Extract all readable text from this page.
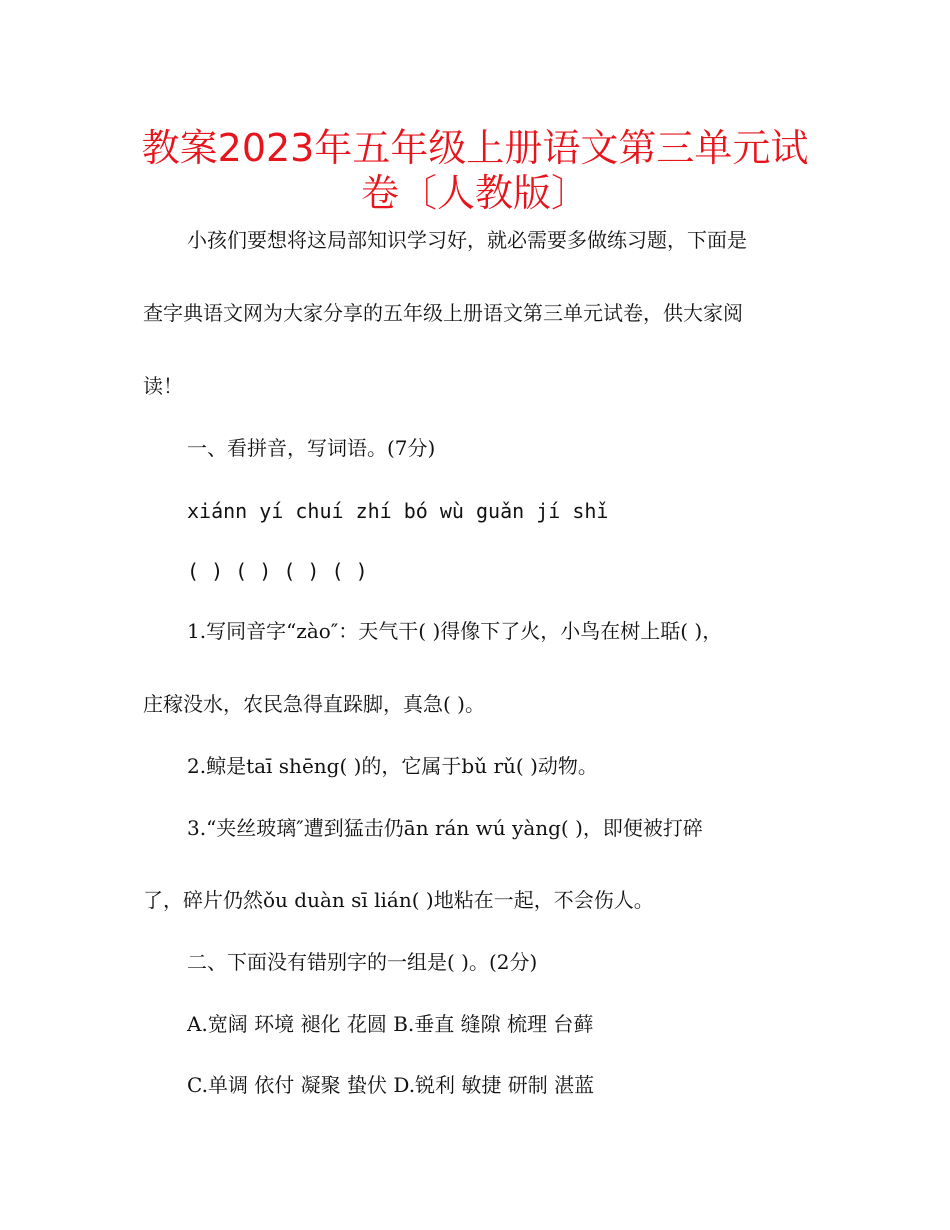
教案2023年五年级上册语文第三单元试
卷〔人教版〕
小孩们要想将这局部知识学习好，就必需要多做练习题，下面是
查字典语文网为大家分享的五年级上册语文第三单元试卷，供大家阅
读！
一、看拼音，写词语。(7分)
xiánn yí chuí zhí bó wù guǎn jí shǐ
( ) ( ) ( ) ( )
1.写同音字“zào″：天气干( )得像下了火，小鸟在树上聒( )，
庄稼没水，农民急得直跺脚，真急( )。
2.鲸是taī shēng( )的，它属于bǔ rǔ( )动物。
3.“夹丝玻璃″遭到猛击仍ān rán wú yàng( )，即便被打碎
了，碎片仍然ǒu duàn sī lián( )地粘在一起，不会伤人。
二、下面没有错别字的一组是( )。(2分)
A.宽阔 环境 褪化 花圆 B.垂直 缝隙 梳理 台藓
C.单调 依付 凝聚 蛰伏 D.锐利 敏捷 研制 湛蓝
